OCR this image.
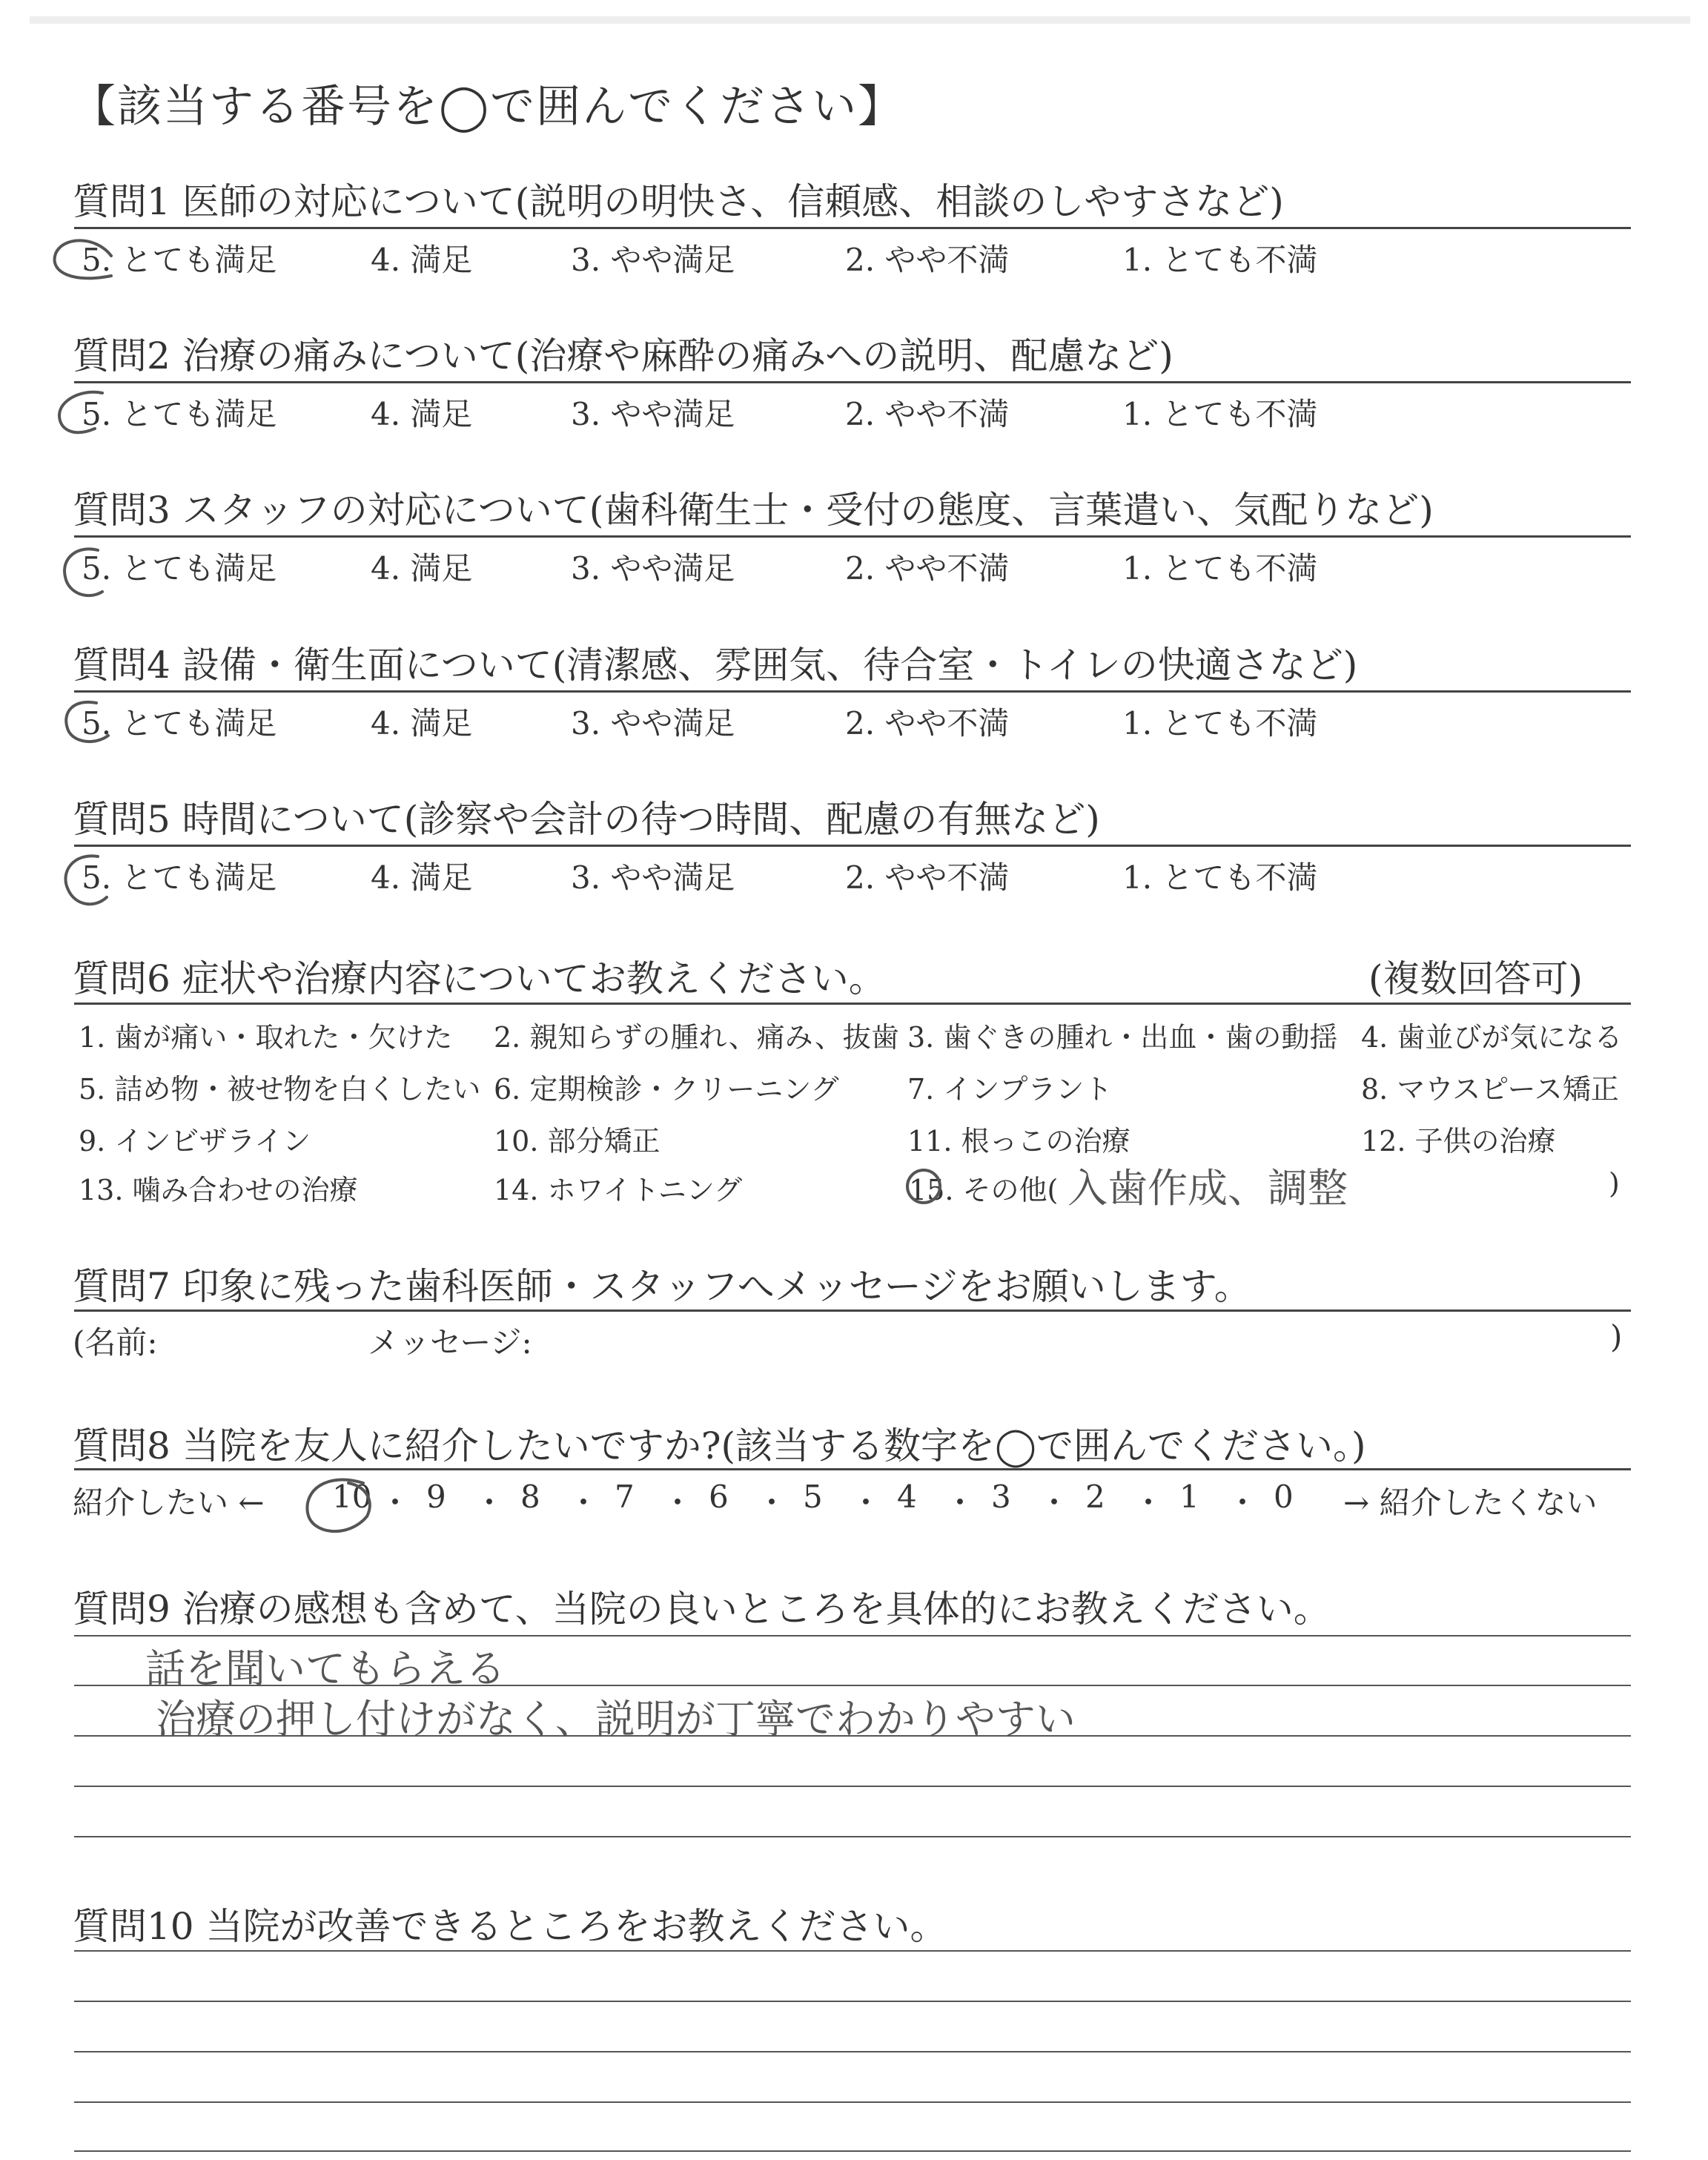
【該当する番号を◯で囲んでください】
質問1 医師の対応について(説明の明快さ、信頼感、相談のしやすさなど)
5. とても満足	4. 満足	3. やや満足	2. やや不満	1. とても不満
質問2 治療の痛みについて(治療や麻酔の痛みへの説明、配慮など)
5. とても満足	4. 満足	3. やや満足	2. やや不満	1. とても不満
質問3 スタッフの対応について(歯科衛生士・受付の態度、言葉遣い、気配りなど)
5. とても満足	4. 満足	3. やや満足	2. やや不満	1. とても不満
質問4 設備・衛生面について(清潔感、雰囲気、待合室・トイレの快適さなど)
5. とても満足	4. 満足	3. やや満足	2. やや不満	1. とても不満
質問5 時間について(診察や会計の待つ時間、配慮の有無など)
5. とても満足	4. 満足	3. やや満足	2. やや不満	1. とても不満
質問6 症状や治療内容についてお教えください。	(複数回答可)
1. 歯が痛い・取れた・欠けた 2. 親知らずの腫れ、痛み、抜歯 3. 歯ぐきの腫れ・出血・歯の動揺 4. 歯並びが気になる
5. 詰め物・被せ物を白くしたい 6. 定期検診・クリーニング 7. インプラント	8. マウスピース矯正
9. インビザライン	10. 部分矯正	11. 根っこの治療	12. 子供の治療
13. 噛み合わせの治療	14. ホワイトニング	15. その他( 入歯作成、調整	)
質問7 印象に残った歯科医師・スタッフへメッセージをお願いします。
(名前:	メッセージ:	)
質問8 当院を友人に紹介したいですか?(該当する数字を◯で囲んでください。)
紹介したい ← 10 ・ 9 ・ 8 ・ 7 ・ 6 ・ 5 ・ 4 ・ 3 ・ 2 ・ 1 ・ 0 → 紹介したくない
質問9 治療の感想も含めて、当院の良いところを具体的にお教えください。
話を聞いてもらえる
治療の押し付けがなく、説明が丁寧でわかりやすい
質問10 当院が改善できるところをお教えください。
